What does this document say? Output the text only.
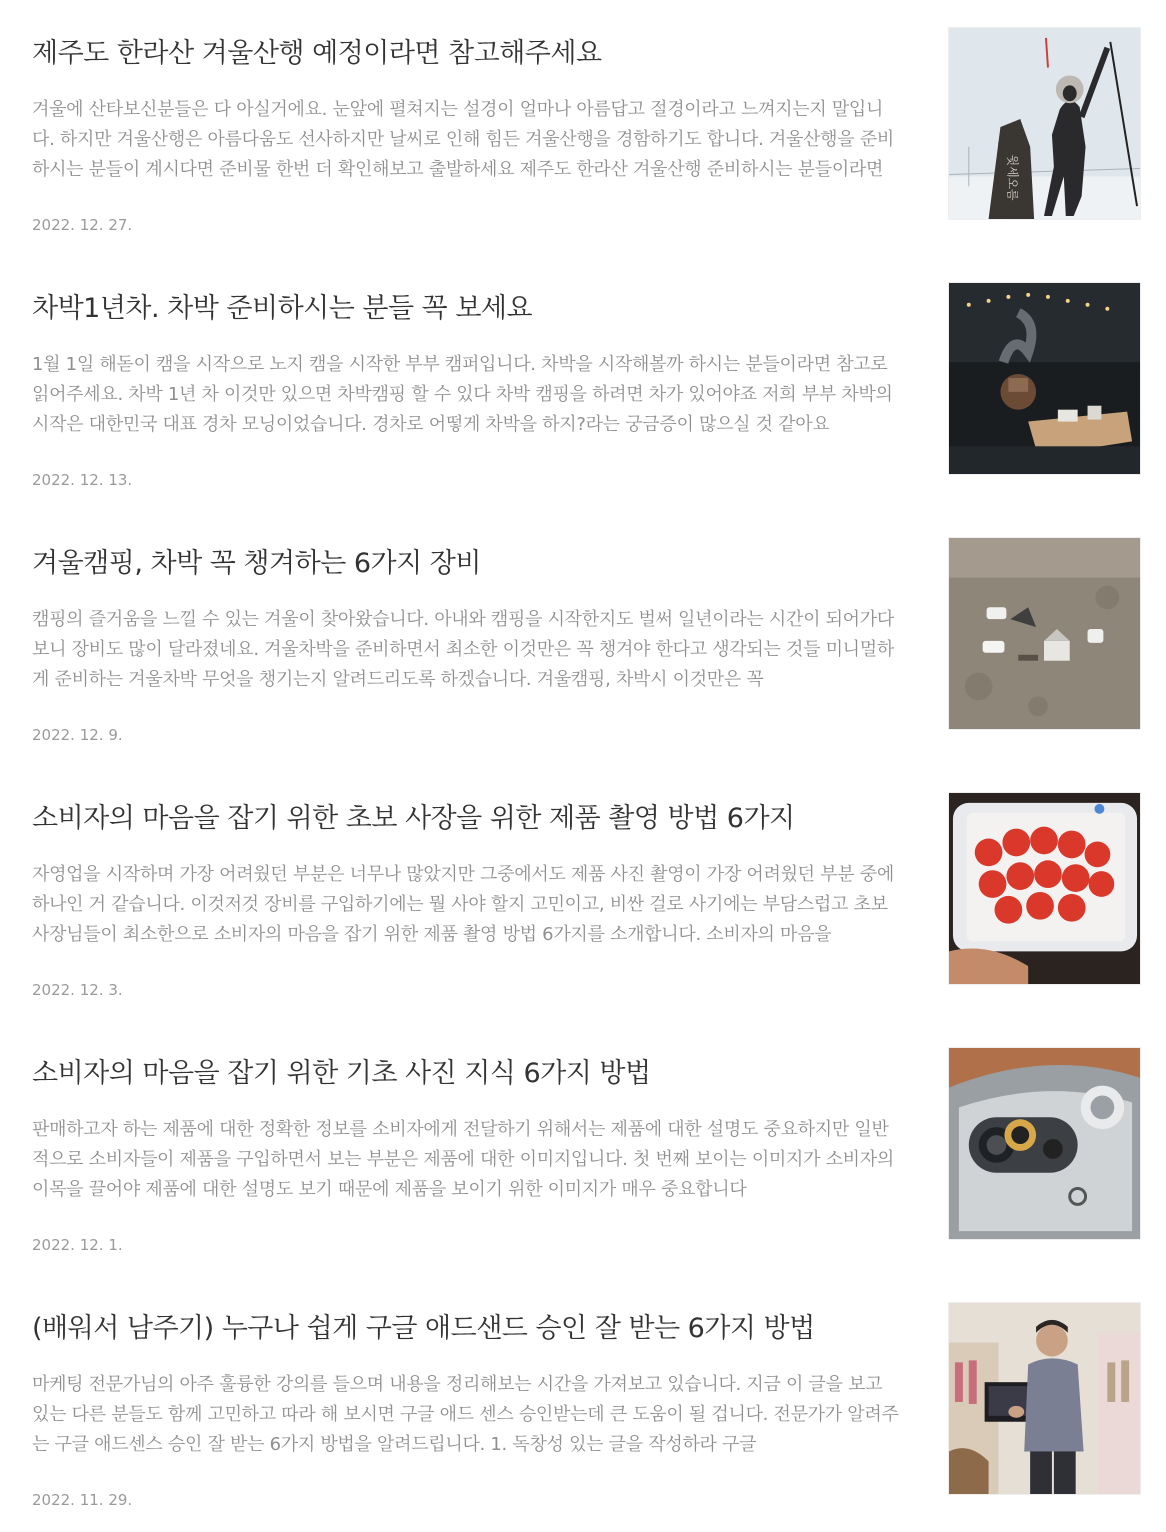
제주도 한라산 겨울산행 예정이라면 참고해주세요
겨울에 산타보신분들은 다 아실거에요. 눈앞에 펼쳐지는 설경이 얼마나 아름답고 절경이라고 느껴지는지 말입니다. 하지만 겨울산행은 아름다움도 선사하지만 날씨로 인해 힘든 겨울산행을 경함하기도 합니다. 겨울산행을 준비하시는 분들이 계시다면 준비물 한번 더 확인해보고 출발하세요 제주도 한라산 겨울산행 준비하시는 분들이라면
2022. 12. 27.
윗세오름
차박1년차. 차박 준비하시는 분들 꼭 보세요
1월 1일 해돋이 캠을 시작으로 노지 캠을 시작한 부부 캠퍼입니다. 차박을 시작해볼까 하시는 분들이라면 참고로 읽어주세요. 차박 1년 차 이것만 있으면 차박캠핑 할 수 있다 차박 캠핑을 하려면 차가 있어야죠 저희 부부 차박의 시작은 대한민국 대표 경차 모닝이었습니다. 경차로 어떻게 차박을 하지?라는 궁금증이 많으실 것 같아요
2022. 12. 13.
겨울캠핑, 차박 꼭 챙겨하는 6가지 장비
캠핑의 즐거움을 느낄 수 있는 겨울이 찾아왔습니다. 아내와 캠핑을 시작한지도 벌써 일년이라는 시간이 되어가다보니 장비도 많이 달라졌네요. 겨울차박을 준비하면서 최소한 이것만은 꼭 챙겨야 한다고 생각되는 것들 미니멀하게 준비하는 겨울차박 무엇을 챙기는지 알려드리도록 하겠습니다. 겨울캠핑, 차박시 이것만은 꼭
2022. 12. 9.
소비자의 마음을 잡기 위한 초보 사장을 위한 제품 촬영 방법 6가지
자영업을 시작하며 가장 어려웠던 부분은 너무나 많았지만 그중에서도 제품 사진 촬영이 가장 어려웠던 부분 중에 하나인 거 같습니다. 이것저것 장비를 구입하기에는 뭘 사야 할지 고민이고, 비싼 걸로 사기에는 부담스럽고 초보 사장님들이 최소한으로 소비자의 마음을 잡기 위한 제품 촬영 방법 6가지를 소개합니다. 소비자의 마음을
2022. 12. 3.
소비자의 마음을 잡기 위한 기초 사진 지식 6가지 방법
판매하고자 하는 제품에 대한 정확한 정보를 소비자에게 전달하기 위해서는 제품에 대한 설명도 중요하지만 일반적으로 소비자들이 제품을 구입하면서 보는 부분은 제품에 대한 이미지입니다. 첫 번째 보이는 이미지가 소비자의 이목을 끌어야 제품에 대한 설명도 보기 때문에 제품을 보이기 위한 이미지가 매우 중요합니다
2022. 12. 1.
(배워서 남주기) 누구나 쉽게 구글 애드샌드 승인 잘 받는 6가지 방법
마케팅 전문가님의 아주 훌륭한 강의를 들으며 내용을 정리해보는 시간을 가져보고 있습니다. 지금 이 글을 보고 있는 다른 분들도 함께 고민하고 따라 해 보시면 구글 애드 센스 승인받는데 큰 도움이 될 겁니다. 전문가가 알려주는 구글 애드센스 승인 잘 받는 6가지 방법을 알려드립니다. 1. 독창성 있는 글을 작성하라 구글
2022. 11. 29.
